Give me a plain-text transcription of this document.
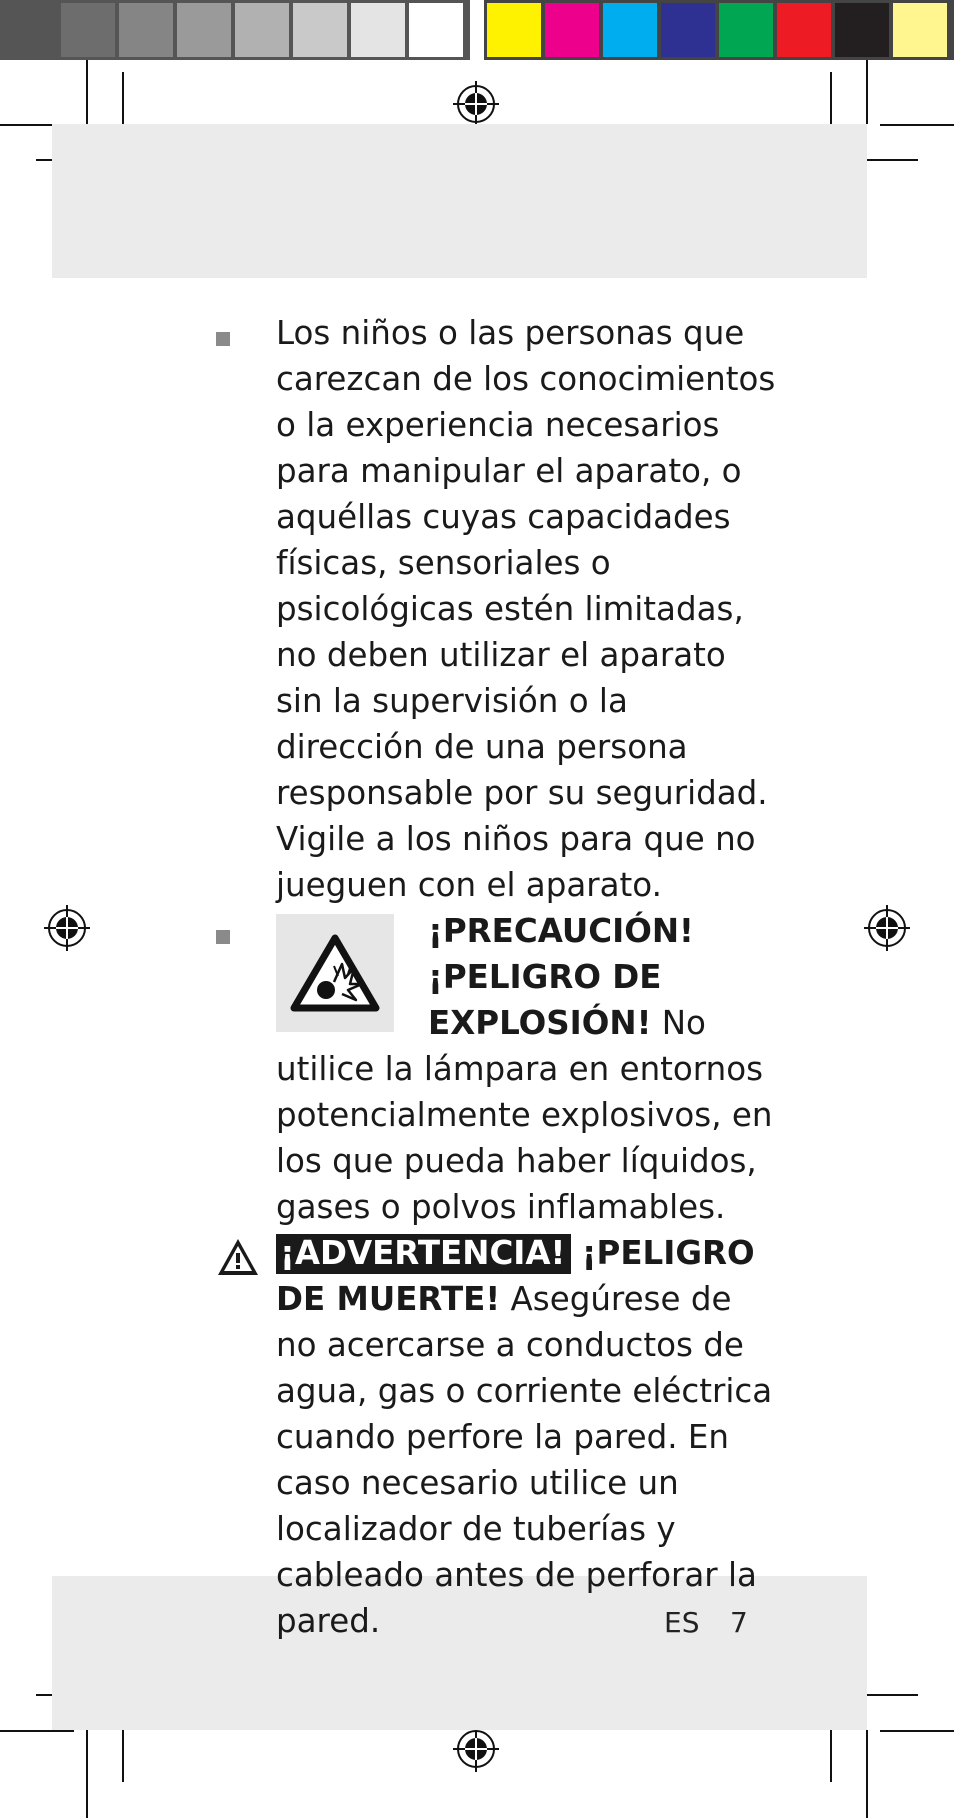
Los niños o las personas que carezcan de los conocimientos o la experiencia necesarios para manipular el aparato, o aquéllas cuyas capacidades físicas, sensoriales o psicológicas estén limitadas, no deben utilizar el aparato sin la supervisión o la dirección de una persona responsable por su seguridad. Vigile a los niños para que no jueguen con el aparato.

¡PRECAUCIÓN! ¡PELIGRO DE EXPLOSIÓN! No utilice la lámpara en entornos potencialmente explosivos, en los que pueda haber líquidos, gases o polvos inflamables.

¡ADVERTENCIA! ¡PELIGRO DE MUERTE! Asegúrese de no acercarse a conductos de agua, gas o corriente eléctrica cuando perfore la pared. En caso necesario utilice un localizador de tuberías y cableado antes de perforar la pared.	ES 7
